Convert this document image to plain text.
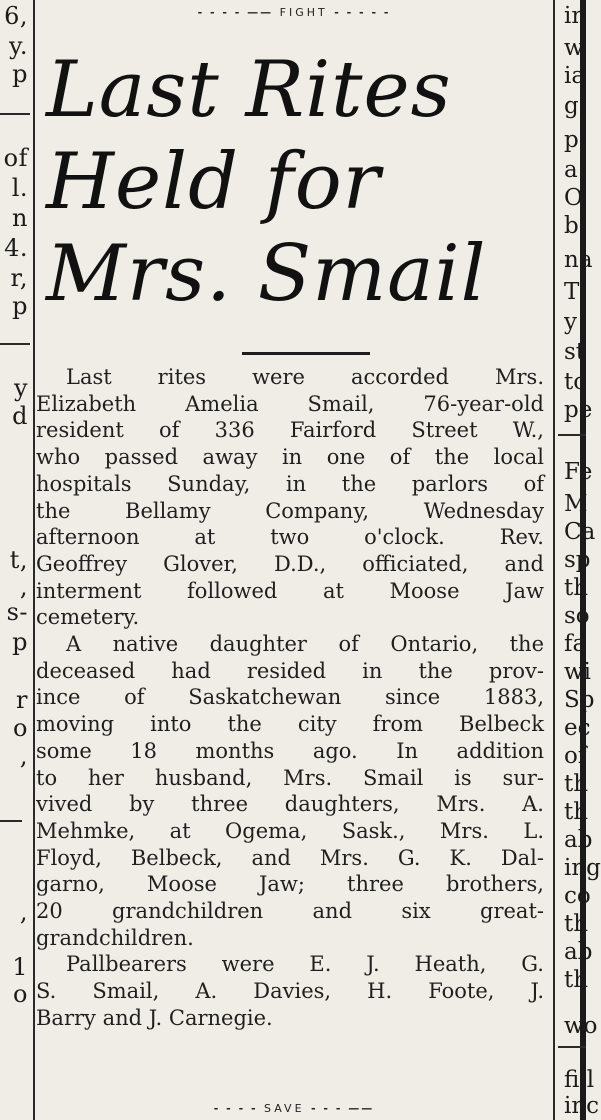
6,
y.
p
of
l.
n
4.
r,
p
y
d
t,
,
s-
p
r
o
,
,
1
o
in
w
ia
g
p
a
O
b
na
T
y
st
to
pe
Fe
M
Ca
sp
th
so
fa
wi
Sp
ec
of
th
th
ab
ing
co
th
ab
th
wo
fill
inc
- - - - —— FIGHT - - - - -
Last Rites
Held for
Mrs. Smail

Last rites were accorded Mrs.
Elizabeth Amelia Smail, 76-year-old
resident of 336 Fairford Street W.,
who passed away in one of the local
hospitals Sunday, in the parlors of
the Bellamy Company, Wednesday
afternoon at two o'clock. Rev.
Geoffrey Glover, D.D., officiated, and
interment followed at Moose Jaw
cemetery.

A native daughter of Ontario, the
deceased had resided in the prov-
ince of Saskatchewan since 1883,
moving into the city from Belbeck
some 18 months ago. In addition
to her husband, Mrs. Smail is sur-
vived by three daughters, Mrs. A.
Mehmke, at Ogema, Sask., Mrs. L.
Floyd, Belbeck, and Mrs. G. K. Dal-
garno, Moose Jaw; three brothers,
20 grandchildren and six great-
grandchildren.

Pallbearers were E. J. Heath, G.
S. Smail, A. Davies, H. Foote, J.
Barry and J. Carnegie.

- - - - SAVE - - - ——
